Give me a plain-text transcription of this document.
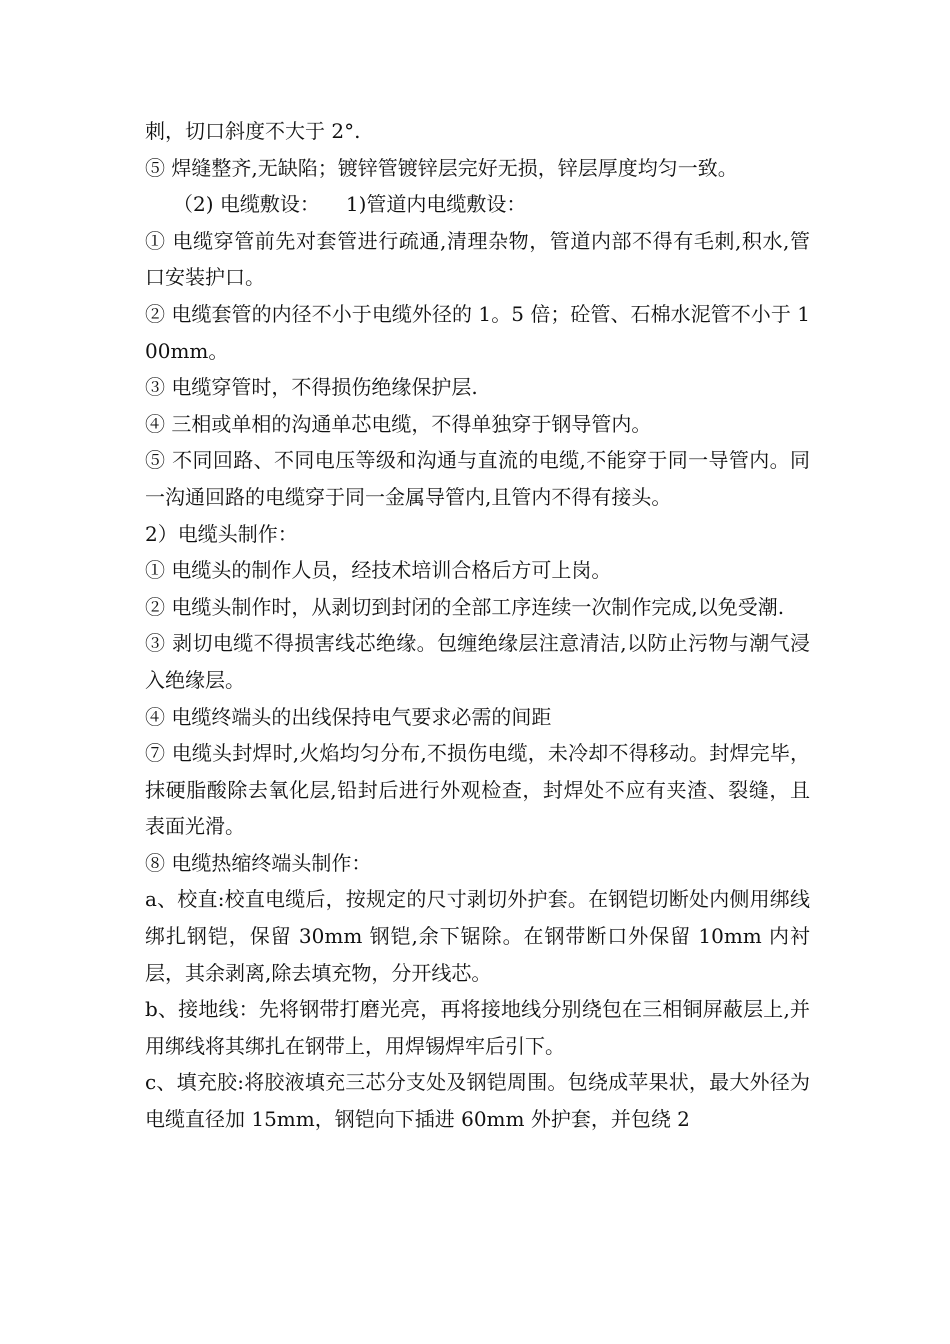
刺，切口斜度不大于 2°.

⑤ 焊缝整齐,无缺陷；镀锌管镀锌层完好无损，锌层厚度均匀一致。

（2) 电缆敷设： 1)管道内电缆敷设：

① 电缆穿管前先对套管进行疏通,清理杂物，管道内部不得有毛刺,积水,管口安装护口。

② 电缆套管的内径不小于电缆外径的 1。5 倍；砼管、石棉水泥管不小于 100mm。

③ 电缆穿管时，不得损伤绝缘保护层.

④ 三相或单相的沟通单芯电缆，不得单独穿于钢导管内。

⑤ 不同回路、不同电压等级和沟通与直流的电缆,不能穿于同一导管内。同一沟通回路的电缆穿于同一金属导管内,且管内不得有接头。

2）电缆头制作：

① 电缆头的制作人员，经技术培训合格后方可上岗。

② 电缆头制作时，从剥切到封闭的全部工序连续一次制作完成,以免受潮.

③ 剥切电缆不得损害线芯绝缘。包缠绝缘层注意清洁,以防止污物与潮气浸入绝缘层。

④ 电缆终端头的出线保持电气要求必需的间距

⑦ 电缆头封焊时,火焰均匀分布,不损伤电缆，未冷却不得移动。封焊完毕，抹硬脂酸除去氧化层,铅封后进行外观检查，封焊处不应有夹渣、裂缝，且表面光滑。

⑧ 电缆热缩终端头制作：

a、校直:校直电缆后，按规定的尺寸剥切外护套。在钢铠切断处内侧用绑线绑扎钢铠，保留 30mm 钢铠,余下锯除。在钢带断口外保留 10mm 内衬层，其余剥离,除去填充物，分开线芯。

b、接地线：先将钢带打磨光亮，再将接地线分别绕包在三相铜屏蔽层上,并用绑线将其绑扎在钢带上，用焊锡焊牢后引下。

c、填充胶:将胶液填充三芯分支处及钢铠周围。包绕成苹果状，最大外径为电缆直径加 15mm，钢铠向下插进 60mm 外护套，并包绕 2
